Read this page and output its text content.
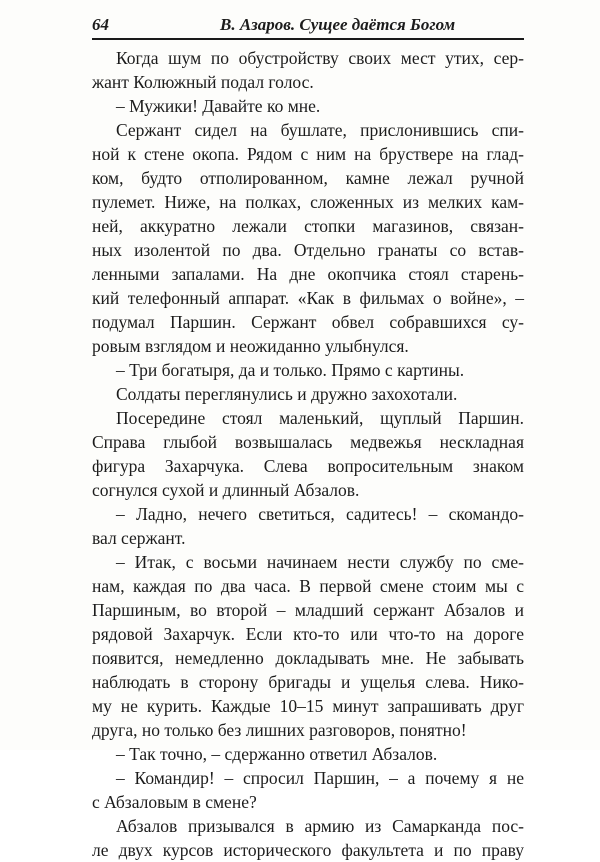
64	В. Азаров. Сущее даётся Богом
Когда шум по обустройству своих мест утих, сер-
жант Колюжный подал голос.
– Мужики! Давайте ко мне.
Сержант сидел на бушлате, прислонившись спи-
ной к стене окопа. Рядом с ним на бруствере на глад-
ком, будто отполированном, камне лежал ручной
пулемет. Ниже, на полках, сложенных из мелких кам-
ней, аккуратно лежали стопки магазинов, связан-
ных изолентой по два. Отдельно гранаты со встав-
ленными запалами. На дне окопчика стоял старень-
кий телефонный аппарат. «Как в фильмах о войне», –
подумал Паршин. Сержант обвел собравшихся су-
ровым взглядом и неожиданно улыбнулся.
– Три богатыря, да и только. Прямо с картины.
Солдаты переглянулись и дружно захохотали.
Посередине стоял маленький, щуплый Паршин.
Справа глыбой возвышалась медвежья нескладная
фигура Захарчука. Слева вопросительным знаком
согнулся сухой и длинный Абзалов.
– Ладно, нечего светиться, садитесь! – скомандо-
вал сержант.
– Итак, с восьми начинаем нести службу по сме-
нам, каждая по два часа. В первой смене стоим мы с
Паршиным, во второй – младший сержант Абзалов и
рядовой Захарчук. Если кто-то или что-то на дороге
появится, немедленно докладывать мне. Не забывать
наблюдать в сторону бригады и ущелья слева. Нико-
му не курить. Каждые 10–15 минут запрашивать друг
друга, но только без лишних разговоров, понятно!
– Так точно, – сдержанно ответил Абзалов.
– Командир! – спросил Паршин, – а почему я не
с Абзаловым в смене?
Абзалов призывался в армию из Самарканда пос-
ле двух курсов исторического факультета и по праву
